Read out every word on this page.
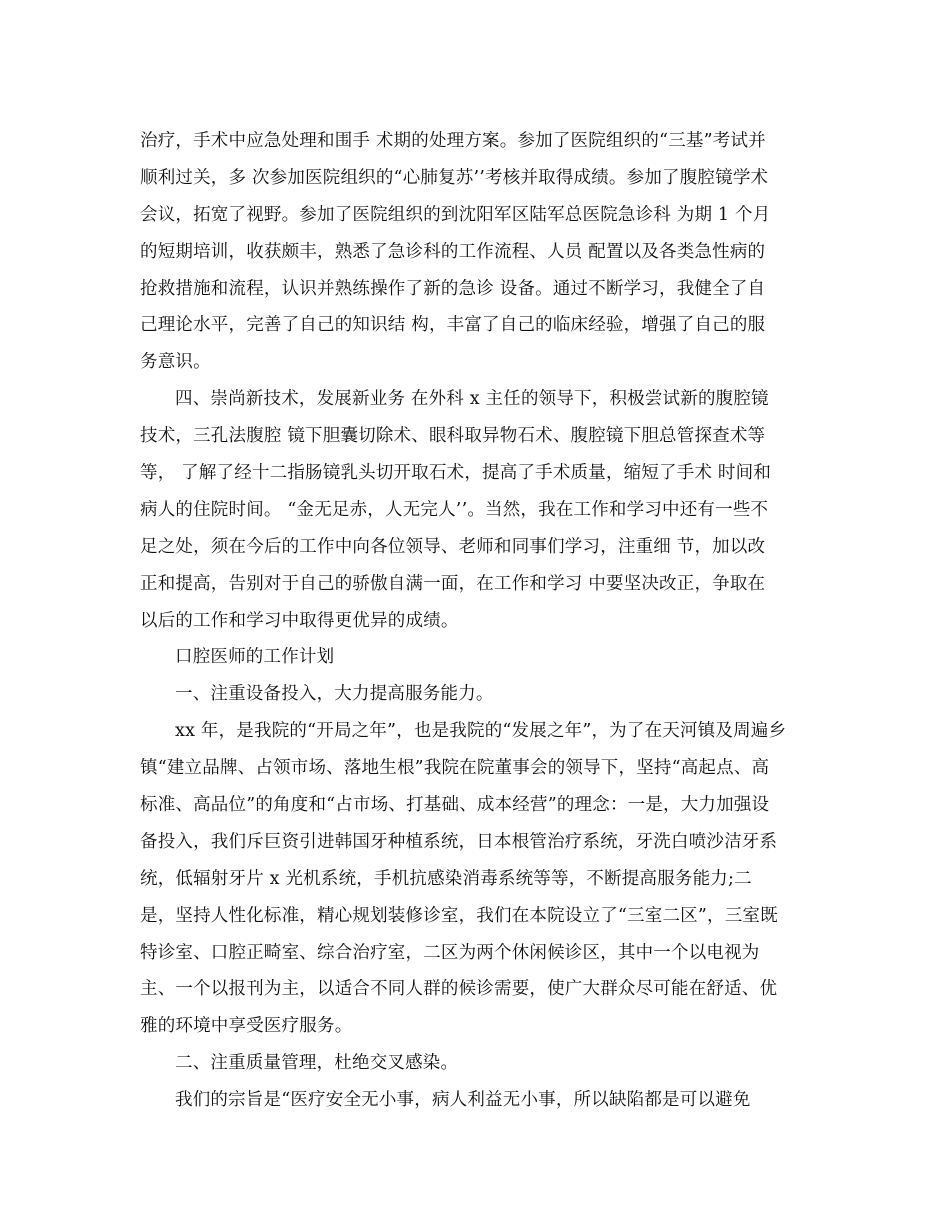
治疗，手术中应急处理和围手 术期的处理方案。参加了医院组织的“三基”考试并
顺利过关，多 次参加医院组织的“心肺复苏’’考核并取得成绩。参加了腹腔镜学术
会议，拓宽了视野。参加了医院组织的到沈阳军区陆军总医院急诊科 为期 1 个月
的短期培训，收获颇丰，熟悉了急诊科的工作流程、人员 配置以及各类急性病的
抢救措施和流程，认识并熟练操作了新的急诊 设备。通过不断学习，我健全了自
己理论水平，完善了自己的知识结 构，丰富了自己的临床经验，增强了自己的服
务意识。
四、崇尚新技术，发展新业务 在外科 x 主任的领导下，积极尝试新的腹腔镜
技术，三孔法腹腔 镜下胆囊切除术、眼科取异物石术、腹腔镜下胆总管探查术等
等， 了解了经十二指肠镜乳头切开取石术，提高了手术质量，缩短了手术 时间和
病人的住院时间。 “金无足赤，人无完人’’。当然，我在工作和学习中还有一些不
足之处，须在今后的工作中向各位领导、老师和同事们学习，注重细 节，加以改
正和提高，告别对于自己的骄傲自满一面，在工作和学习 中要坚决改正，争取在
以后的工作和学习中取得更优异的成绩。
口腔医师的工作计划
一、注重设备投入，大力提高服务能力。
xx 年，是我院的“开局之年”，也是我院的“发展之年”，为了在天河镇及周遍乡
镇“建立品牌、占领市场、落地生根”我院在院董事会的领导下，坚持“高起点、高
标准、高品位”的角度和“占市场、打基础、成本经营”的理念：一是，大力加强设
备投入，我们斥巨资引进韩国牙种植系统，日本根管治疗系统，牙洗白喷沙洁牙系
统，低辐射牙片 x 光机系统，手机抗感染消毒系统等等，不断提高服务能力;二
是，坚持人性化标准，精心规划装修诊室，我们在本院设立了“三室二区”，三室既
特诊室、口腔正畸室、综合治疗室，二区为两个休闲候诊区，其中一个以电视为
主、一个以报刊为主，以适合不同人群的候诊需要，使广大群众尽可能在舒适、优
雅的环境中享受医疗服务。
二、注重质量管理，杜绝交叉感染。
我们的宗旨是“医疗安全无小事，病人利益无小事，所以缺陷都是可以避免
